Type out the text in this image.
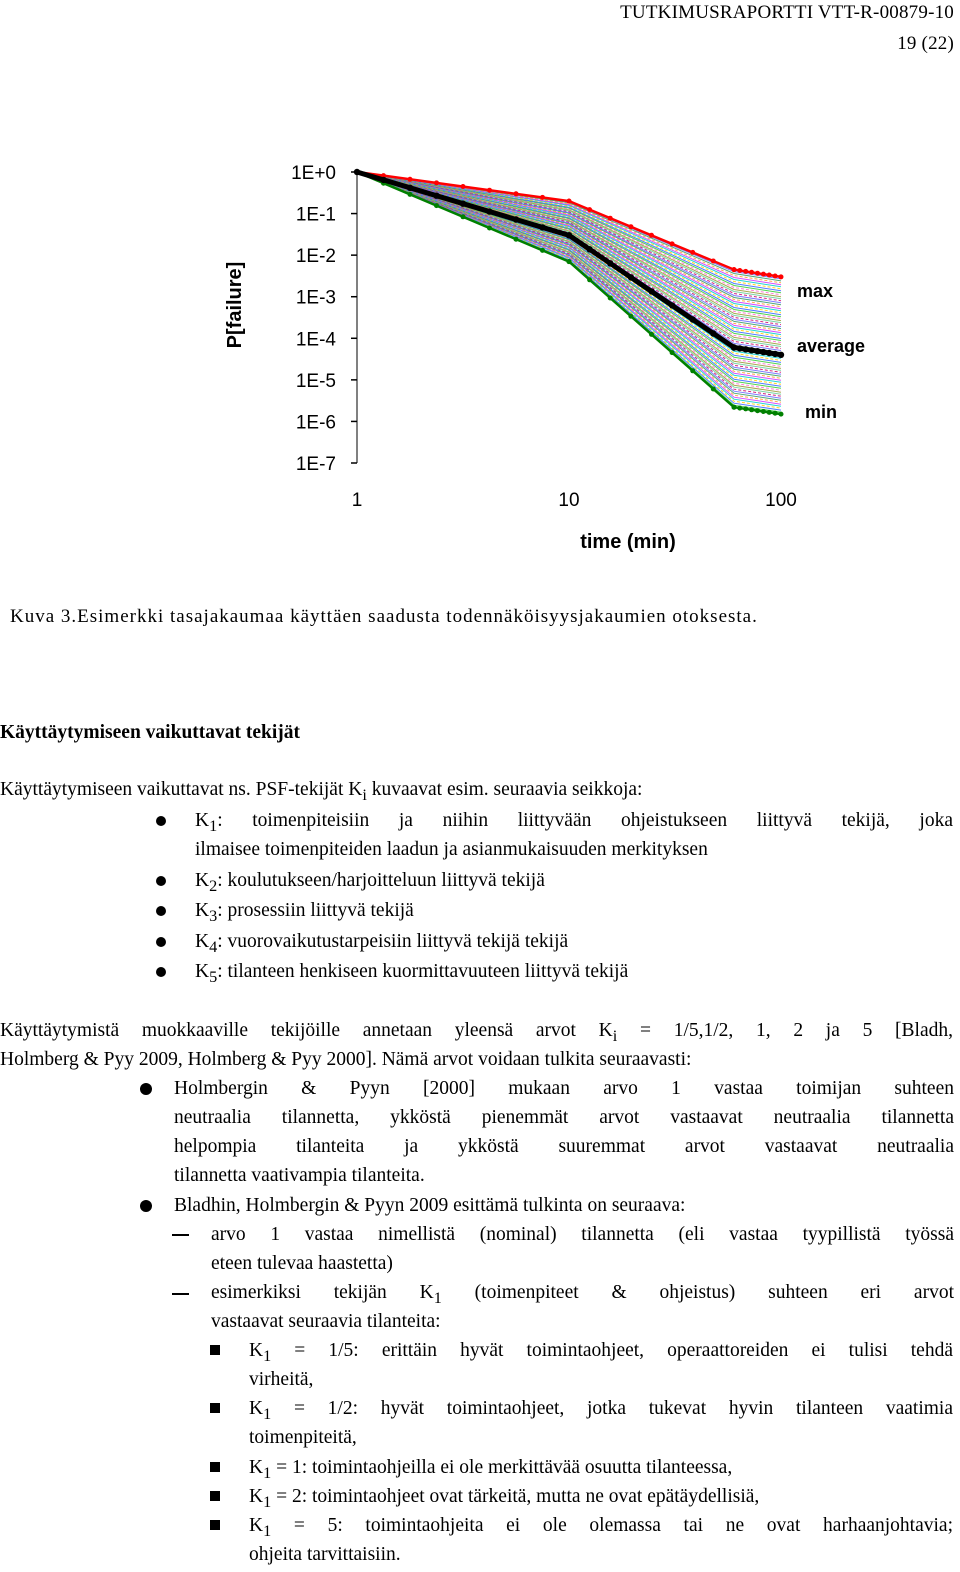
TUTKIMUSRAPORTTI VTT-R-00879-10
19 (22)
1E+0
1E-1
1E-2
1E-3
1E-4
1E-5
1E-6
1E-7
1	10	100
P[failure]
time (min)
max
average
min
Kuva 3.Esimerkki tasajakaumaa käyttäen saadusta todennäköisyysjakaumien otoksesta.
Käyttäytymiseen vaikuttavat tekijät
Käyttäytymiseen vaikuttavat ns. PSF-tekijät $K_i$ kuvaavat esim. seuraavia seikkoja:
$K_1$: toimenpiteisiin ja niihin liittyvään ohjeistukseen liittyvä tekijä, joka
ilmaisee toimenpiteiden laadun ja asianmukaisuuden merkityksen
$K_2$: koulutukseen/harjoitteluun liittyvä tekijä
$K_3$: prosessiin liittyvä tekijä
$K_4$: vuorovaikutustarpeisiin liittyvä tekijä tekijä
$K_5$: tilanteen henkiseen kuormittavuuteen liittyvä tekijä
Käyttäytymistä muokkaaville tekijöille annetaan yleensä arvot $K_i = 1/5,1/2$, 1, 2 ja 5 [Bladh,
Holmberg & Pyy 2009, Holmberg & Pyy 2000]. Nämä arvot voidaan tulkita seuraavasti:
Holmbergin & Pyyn [2000] mukaan arvo 1 vastaa toimijan suhteen
neutraalia tilannetta, ykköstä pienemmät arvot vastaavat neutraalia tilannetta
helpompia tilanteita ja ykköstä suuremmat arvot vastaavat neutraalia
tilannetta vaativampia tilanteita.
Bladhin, Holmbergin & Pyyn 2009 esittämä tulkinta on seuraava:
arvo 1 vastaa nimellistä (nominal) tilannetta (eli vastaa tyypillistä työssä
eteen tulevaa haastetta)
esimerkiksi tekijän $K_1$ (toimenpiteet & ohjeistus) suhteen eri arvot
vastaavat seuraavia tilanteita:
$K_1 = 1/5$: erittäin hyvät toimintaohjeet, operaattoreiden ei tulisi tehdä
virheitä,
$K_1 = 1/2$: hyvät toimintaohjeet, jotka tukevat hyvin tilanteen vaatimia
toimenpiteitä,
$K_1 = 1$: toimintaohjeilla ei ole merkittävää osuutta tilanteessa,
$K_1 = 2$: toimintaohjeet ovat tärkeitä, mutta ne ovat epätäydellisiä,
$K_1 = 5$: toimintaohjeita ei ole olemassa tai ne ovat harhaanjohtavia;
ohjeita tarvittaisiin.
